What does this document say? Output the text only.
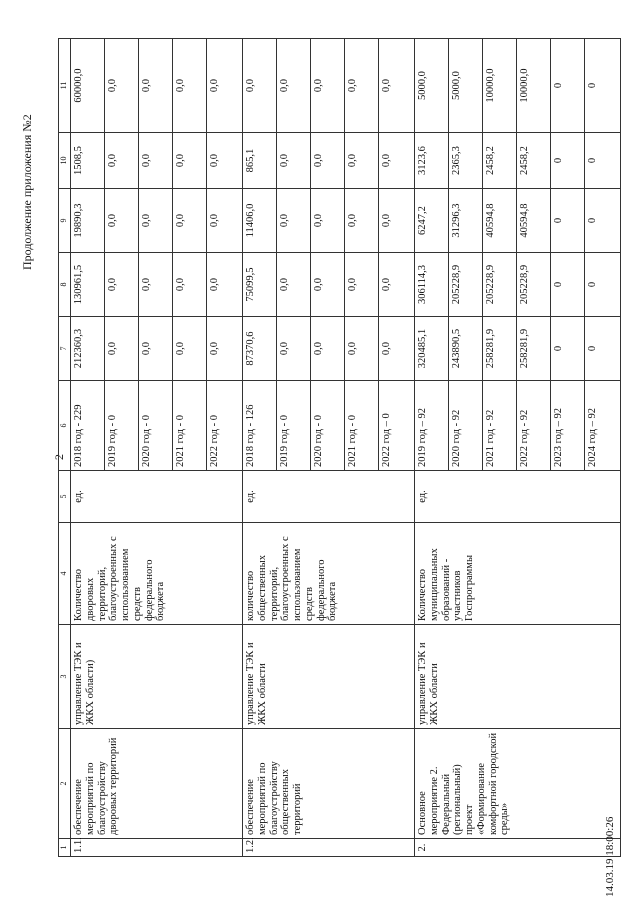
2
Продолжение приложения №2
1	2	3	4	5	6	7	8	9	10	11
1.1.	обеспечение мероприятий по благоустройству дворовых территорий	управление ТЭК и ЖКХ области)	Количество дворовых территорий, благоустроенных с использованием средств федерального бюджета	ед.	2018 год - 229	212360,3	130961,5	19890,3	1508,5	60000,0
					2019 год - 0	0,0	0,0	0,0	0,0	0,0
					2020 год - 0	0,0	0,0	0,0	0,0	0,0
					2021 год - 0	0,0	0,0	0,0	0,0	0,0
					2022 год - 0	0,0	0,0	0,0	0,0	0,0
1.2.	обеспечение мероприятий по благоустройству общественных территорий	управление ТЭК и ЖКХ области	количество общественных территорий, благоустроенных с использованием средств федерального бюджета	ед.	2018 год - 126	87370,6	75099,5	11406,0	865,1	0,0
					2019 год - 0	0,0	0,0	0,0	0,0	0,0
					2020 год - 0	0,0	0,0	0,0	0,0	0,0
					2021 год - 0	0,0	0,0	0,0	0,0	0,0
					2022 год – 0	0,0	0,0	0,0	0,0	0,0
2.	Основное мероприятие 2. Федеральный (региональный) проект «Формирование комфортной городской среды»	управление ТЭК и ЖКХ области	Количество муниципальных образований - участников Госпрограммы	ед.	2019 год – 92	320485,1	306114,3	6247,2	3123,6	5000,0
					2020 год - 92	243890,5	205228,9	31296,3	2365,3	5000,0
					2021 год - 92	258281,9	205228,9	40594,8	2458,2	10000,0
					2022 год - 92	258281,9	205228,9	40594,8	2458,2	10000,0
					2023 год – 92	0	0	0	0	0
					2024 год – 92	0	0	0	0	0
14.03.19 18:00:26
